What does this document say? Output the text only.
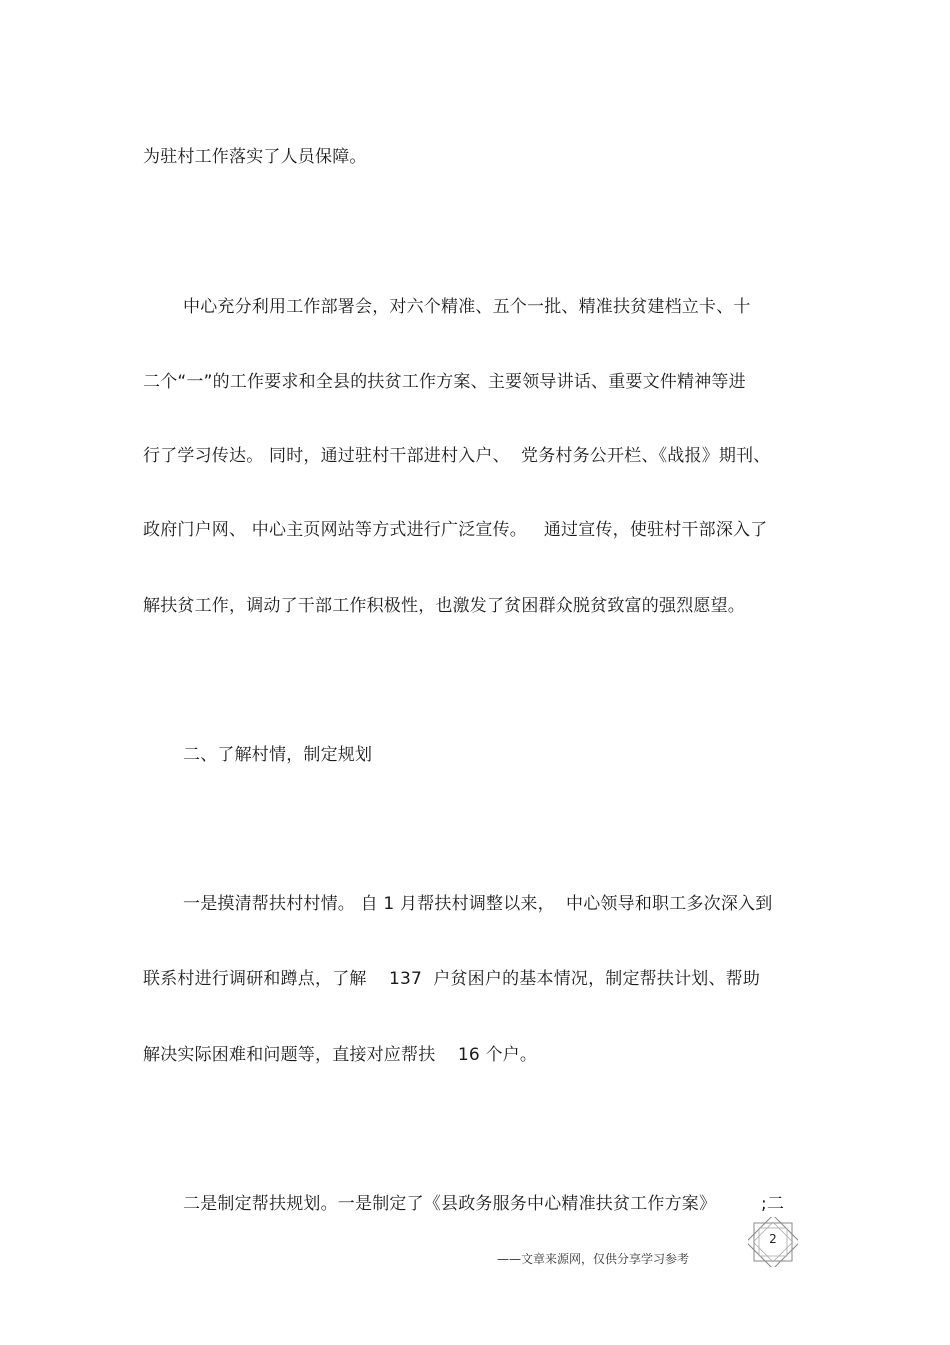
为驻村工作落实了人员保障。
中心充分利用工作部署会，对六个精准、五个一批、精准扶贫建档立卡、十
二个“一”的工作要求和全县的扶贫工作方案、主要领导讲话、重要文件精神等进
行了学习传达。 同时，通过驻村干部进村入户、  党务村务公开栏、《战报》期刊、
政府门户网、 中心主页网站等方式进行广泛宣传。   通过宣传，使驻村干部深入了
解扶贫工作，调动了干部工作积极性，也激发了贫困群众脱贫致富的强烈愿望。
二、了解村情，制定规划
一是摸清帮扶村村情。 自 1 月帮扶村调整以来，  中心领导和职工多次深入到
联系村进行调研和蹲点，了解    137  户贫困户的基本情况，制定帮扶计划、帮助
解决实际困难和问题等，直接对应帮扶    16 个户。
二是制定帮扶规划。一是制定了《县政务服务中心精准扶贫工作方案》        ;二
2
——文章来源网，仅供分享学习参考
